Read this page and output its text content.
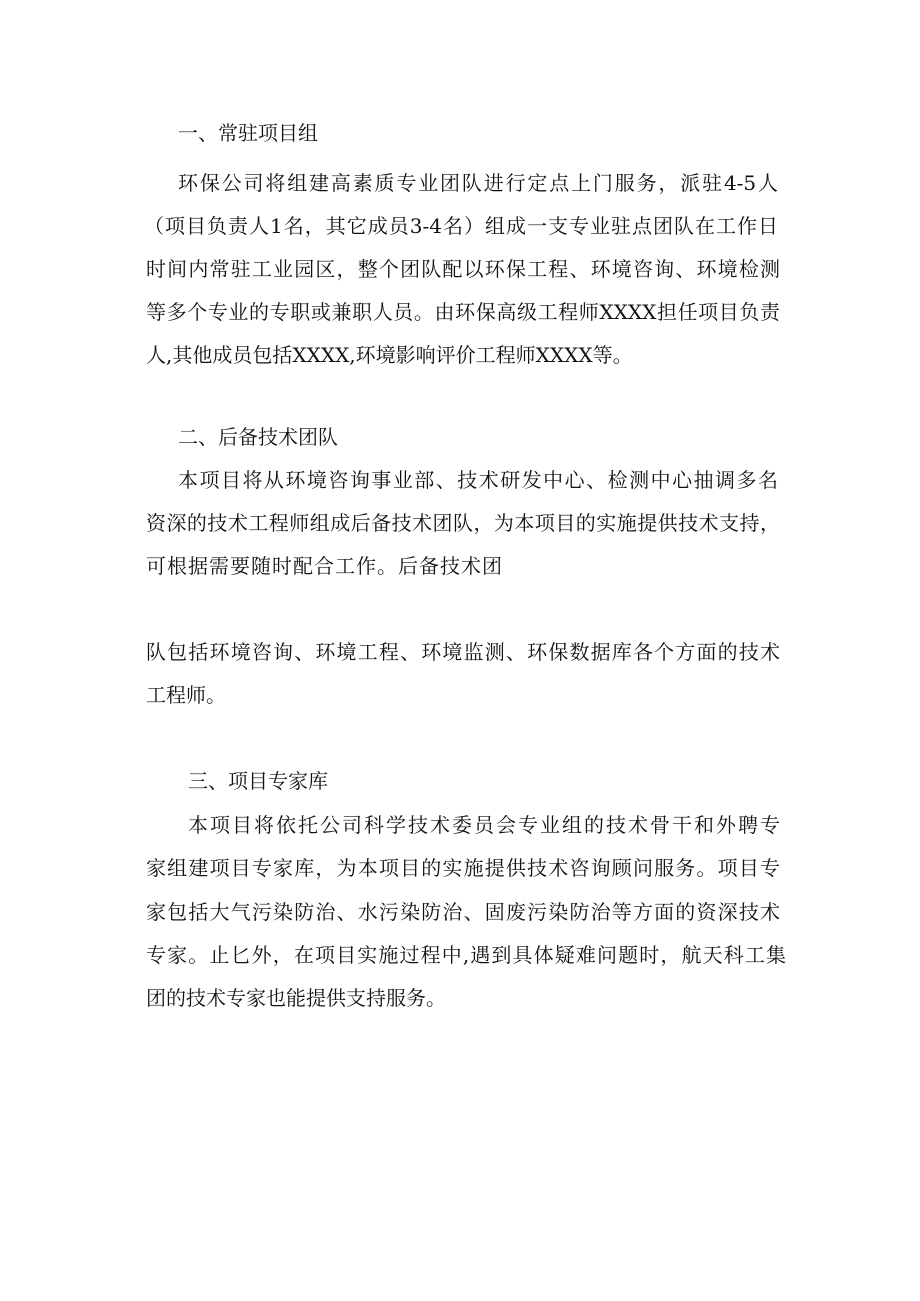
一、常驻项目组
环保公司将组建高素质专业团队进行定点上门服务，派驻4-5人
（项目负责人1名，其它成员3-4名）组成一支专业驻点团队在工作日
时间内常驻工业园区，整个团队配以环保工程、环境咨询、环境检测
等多个专业的专职或兼职人员。由环保高级工程师XXXX担任项目负责
人,其他成员包括XXXX,环境影响评价工程师XXXX等。
二、后备技术团队
本项目将从环境咨询事业部、技术研发中心、检测中心抽调多名
资深的技术工程师组成后备技术团队，为本项目的实施提供技术支持，
可根据需要随时配合工作。后备技术团
队包括环境咨询、环境工程、环境监测、环保数据库各个方面的技术
工程师。
三、项目专家库
本项目将依托公司科学技术委员会专业组的技术骨干和外聘专
家组建项目专家库，为本项目的实施提供技术咨询顾问服务。项目专
家包括大气污染防治、水污染防治、固废污染防治等方面的资深技术
专家。止匕外，在项目实施过程中,遇到具体疑难问题时，航天科工集
团的技术专家也能提供支持服务。
